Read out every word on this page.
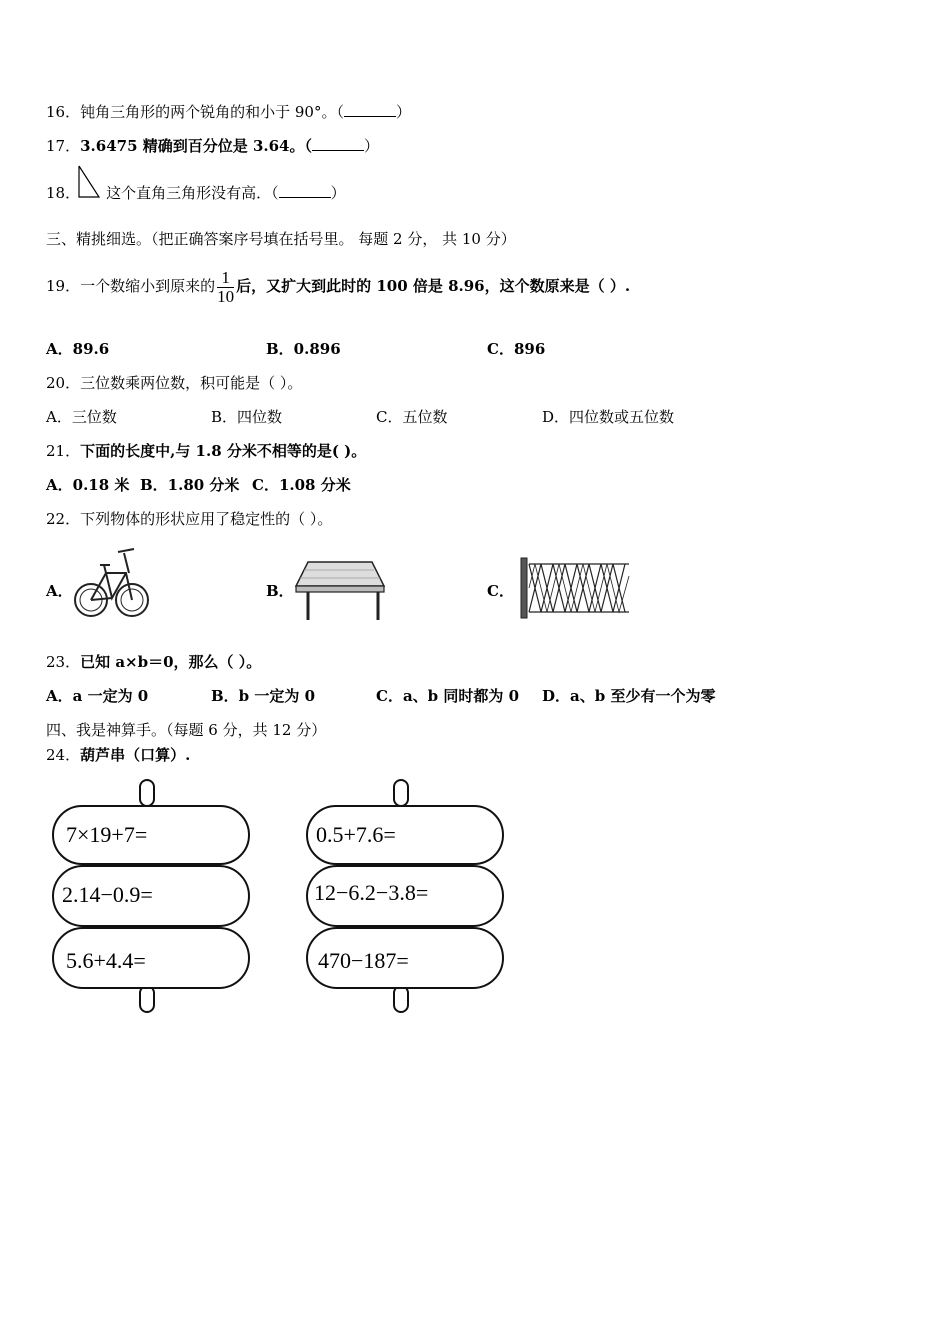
16．钝角三角形的两个锐角的和小于 90°。（	）
17．3.6475 精确到百分位是 3.64。（	）
18． 这个直角三角形没有高．（	）
三、精挑细选。（把正确答案序号填在括号里。 每题 2 分， 共 10 分）
19．一个数缩小到原来的 $\frac{1}{10}$ 后，又扩大到此时的 100 倍是 8.96，这个数原来是（ ）.
A．89.6	B．0.896	C．896
20．三位数乘两位数，积可能是（ ）。
A．三位数	B．四位数	C．五位数	D．四位数或五位数
21．下面的长度中,与 1.8 分米不相等的是( )。
A．0.18 米 B．1.80 分米 C．1.08 分米
22．下列物体的形状应用了稳定性的（ ）。
A．	B．	C．
23．已知 a×b＝0，那么（ ）。
A．a 一定为 0	B．b 一定为 0	C．a、b 同时都为 0 D．a、b 至少有一个为零
四、我是神算手。（每题 6 分，共 12 分）
24．葫芦串（口算）.
7×19+7=
2.14−0.9=
5.6+4.4=
0.5+7.6=
12−6.2−3.8=
470−187=
